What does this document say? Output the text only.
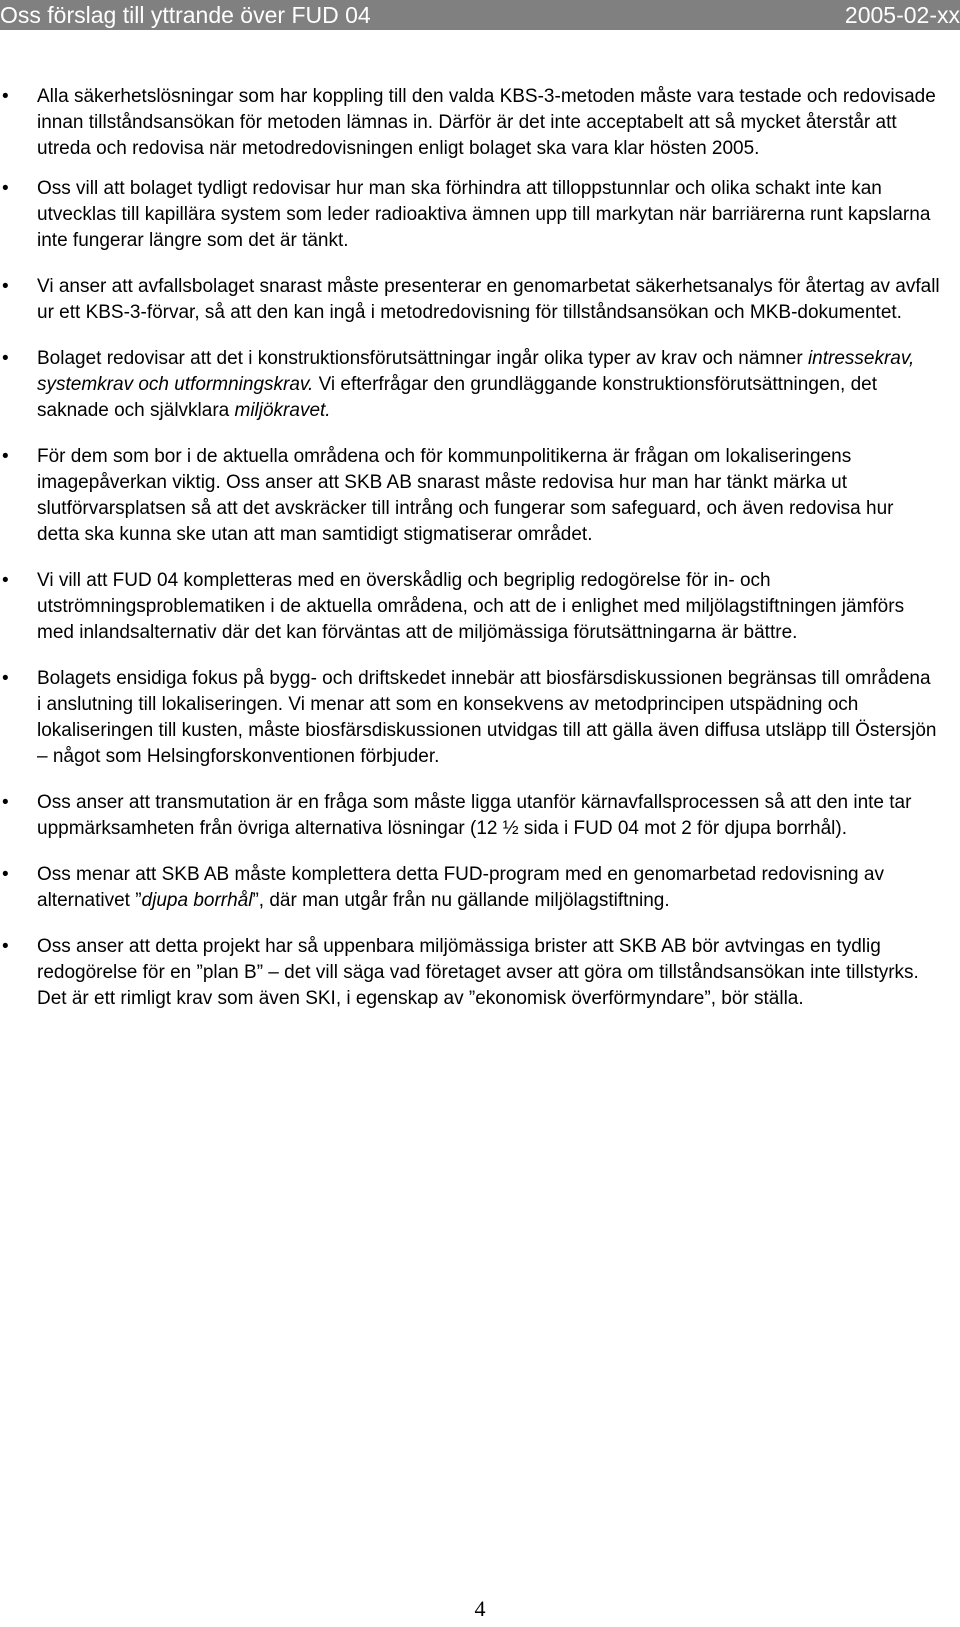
Oss förslag till yttrande över FUD 04	2005-02-xx
• Alla säkerhetslösningar som har koppling till den valda KBS-3-metoden måste vara testade och redovisade innan tillståndsansökan för metoden lämnas in. Därför är det inte acceptabelt att så mycket återstår att utreda och redovisa när metodredovisningen enligt bolaget ska vara klar hösten 2005.
• Oss vill att bolaget tydligt redovisar hur man ska förhindra att tilloppstunnlar och olika schakt inte kan utvecklas till kapillära system som leder radioaktiva ämnen upp till markytan när barriärerna runt kapslarna inte fungerar längre som det är tänkt.
• Vi anser att avfallsbolaget snarast måste presenterar en genomarbetat säkerhetsanalys för återtag av avfall ur ett KBS-3-förvar, så att den kan ingå i metodredovisning för tillståndsansökan och MKB-dokumentet.
• Bolaget redovisar att det i konstruktionsförutsättningar ingår olika typer av krav och nämner intressekrav, systemkrav och utformningskrav. Vi efterfrågar den grundläggande konstruktionsförutsättningen, det saknade och självklara miljökravet.
• För dem som bor i de aktuella områdena och för kommunpolitikerna är frågan om lokaliseringens imagepåverkan viktig. Oss anser att SKB AB snarast måste redovisa hur man har tänkt märka ut slutförvarsplatsen så att det avskräcker till intrång och fungerar som safeguard, och även redovisa hur detta ska kunna ske utan att man samtidigt stigmatiserar området.
• Vi vill att FUD 04 kompletteras med en överskådlig och begriplig redogörelse för in- och utströmningsproblematiken i de aktuella områdena, och att de i enlighet med miljölagstiftningen jämförs med inlandsalternativ där det kan förväntas att de miljömässiga förutsättningarna är bättre.
• Bolagets ensidiga fokus på bygg- och driftskedet innebär att biosfärsdiskussionen begränsas till områdena i anslutning till lokaliseringen. Vi menar att som en konsekvens av metodprincipen utspädning och lokaliseringen till kusten, måste biosfärsdiskussionen utvidgas till att gälla även diffusa utsläpp till Östersjön – något som Helsingforskonventionen förbjuder.
• Oss anser att transmutation är en fråga som måste ligga utanför kärnavfallsprocessen så att den inte tar uppmärksamheten från övriga alternativa lösningar (12 ½ sida i FUD 04 mot 2 för djupa borrhål).
• Oss menar att SKB AB måste komplettera detta FUD-program med en genomarbetad redovisning av alternativet ”djupa borrhål”, där man utgår från nu gällande miljölagstiftning.
• Oss anser att detta projekt har så uppenbara miljömässiga brister att SKB AB bör avtvingas en tydlig redogörelse för en ”plan B” – det vill säga vad företaget avser att göra om tillståndsansökan inte tillstyrks. Det är ett rimligt krav som även SKI, i egenskap av ”ekonomisk överförmyndare”, bör ställa.
4
